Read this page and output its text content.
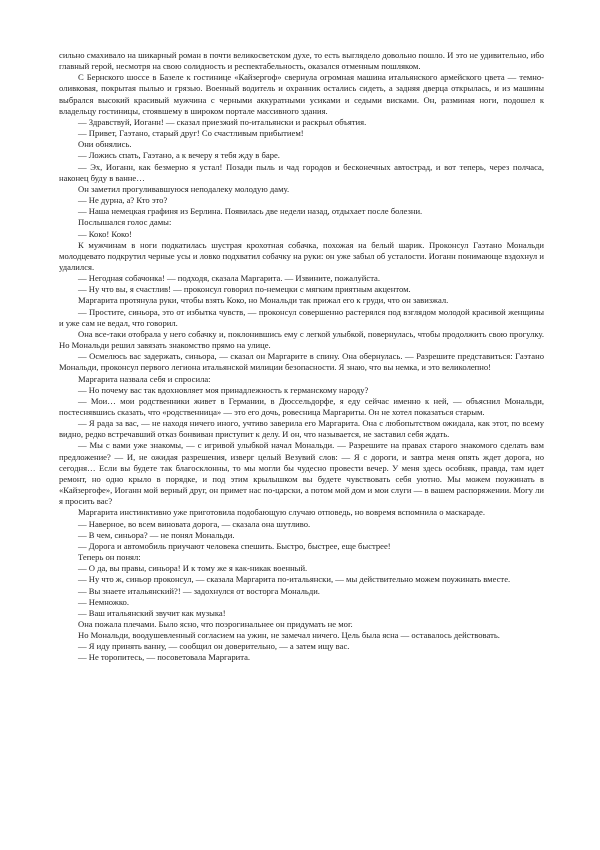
сильно смахивало на шикарный роман в почти великосветском духе, то есть выглядело довольно пошло. И это не удивительно, ибо главный герой, несмотря на свою солидность и респектабельность, оказался отменным пошляком.

С Бернского шоссе в Базеле к гостинице «Кайзергоф» свернула огромная машина итальянского армейского цвета — темно-оливковая, покрытая пылью и грязью. Военный водитель и охранник остались сидеть, а задняя дверца открылась, и из машины выбрался высокий красивый мужчина с черными аккуратными усиками и седыми висками. Он, разминая ноги, подошел к владельцу гостиницы, стоявшему в широком портале массивного здания.

— Здравствуй, Иоганн! — сказал приезжий по-итальянски и раскрыл объятия.

— Привет, Гаэтано, старый друг! Со счастливым прибытием!

Они обнялись.

— Ложись спать, Гаэтано, а к вечеру я тебя жду в баре.

— Эх, Иоганн, как безмерно я устал! Позади пыль и чад городов и бесконечных автострад, и вот теперь, через полчаса, наконец буду в ванне…

Он заметил прогуливавшуюся неподалеку молодую даму.

— Не дурна, а? Кто это?

— Наша немецкая графиня из Берлина. Появилась две недели назад, отдыхает после болезни.

Послышался голос дамы:

— Коко! Коко!

К мужчинам в ноги подкатилась шустрая крохотная собачка, похожая на белый шарик. Проконсул Гаэтано Мональди молодцевато подкрутил черные усы и ловко подхватил собачку на руки: он уже забыл об усталости. Иоганн понимающе вздохнул и удалился.

— Негодная собачонка! — подходя, сказала Маргарита. — Извините, пожалуйста.

— Ну что вы, я счастлив! — проконсул говорил по-немецки с мягким приятным акцентом.

Маргарита протянула руки, чтобы взять Коко, но Мональди так прижал его к груди, что он завизжал.

— Простите, синьора, это от избытка чувств, — проконсул совершенно растерялся под взглядом молодой красивой женщины и уже сам не ведал, что говорил.

Она все-таки отобрала у него собачку и, поклонившись ему с легкой улыбкой, повернулась, чтобы продолжить свою прогулку. Но Мональди решил завязать знакомство прямо на улице.

— Осмелюсь вас задержать, синьора, — сказал он Маргарите в спину. Она обернулась. — Разрешите представиться: Гаэтано Мональди, проконсул первого легиона итальянской милиции безопасности. Я знаю, что вы немка, и это великолепно!

Маргарита назвала себя и спросила:

— Но почему вас так вдохновляет моя принадлежность к германскому народу?

— Мои… мои родственники живет в Германии, в Дюссельдорфе, я еду сейчас именно к ней, — объяснил Мональди, постеснявшись сказать, что «родственница» — это его дочь, ровесница Маргариты. Он не хотел показаться старым.

— Я рада за вас, — не находя ничего иного, учтиво заверила его Маргарита. Она с любопытством ожидала, как этот, по всему видно, редко встречавший отказ бонвиван приступит к делу. И он, что называется, не заставил себя ждать.

— Мы с вами уже знакомы, — с игривой улыбкой начал Мональди. — Разрешите на правах старого знакомого сделать вам предложение? — И, не ожидая разрешения, изверг целый Везувий слов: — Я с дороги, и завтра меня опять ждет дорога, но сегодня… Если вы будете так благосклонны, то мы могли бы чудесно провести вечер. У меня здесь особняк, правда, там идет ремонт, но одно крыло в порядке, и под этим крылышком вы будете чувствовать себя уютно. Мы можем поужинать в «Кайзергофе», Иоганн мой верный друг, он примет нас по-царски, а потом мой дом и мои слуги — в вашем распоряжении. Могу ли я просить вас?

Маргарита инстинктивно уже приготовила подобающую случаю отповедь, но вовремя вспомнила о маскараде.

— Наверное, во всем виновата дорога, — сказала она шутливо.

— В чем, синьора? — не понял Мональди.

— Дорога и автомобиль приучают человека спешить. Быстро, быстрее, еще быстрее!

Теперь он понял:

— О да, вы правы, синьора! И к тому же я как-никак военный.

— Ну что ж, синьор проконсул, — сказала Маргарита по-итальянски, — мы действительно можем поужинать вместе.

— Вы знаете итальянский?! — задохнулся от восторга Мональди.

— Немножко.

— Ваш итальянский звучит как музыка!

Она пожала плечами. Было ясно, что поэрогинальнее он придумать не мог.

Но Мональди, воодушевленный согласием на ужин, не замечал ничего. Цель была ясна — оставалось действовать.

— Я иду принять ванну, — сообщил он доверительно, — а затем ищу вас.

— Не торопитесь, — посоветовала Маргарита.
